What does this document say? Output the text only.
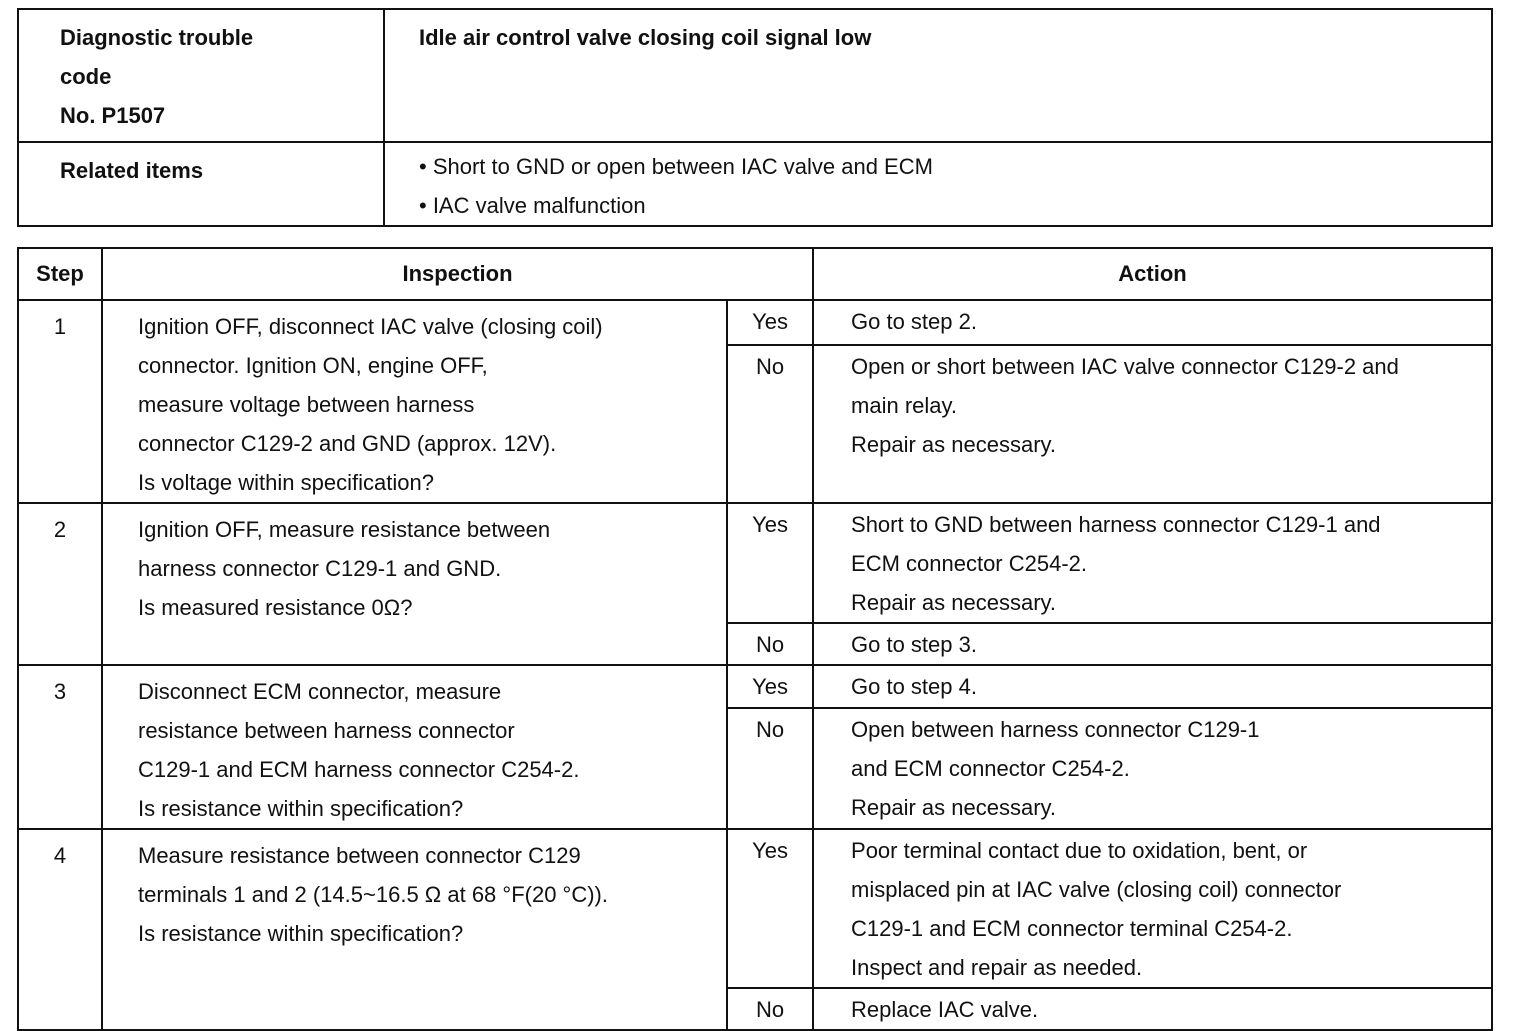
Diagnostic trouble
code
No. P1507	Idle air control valve closing coil signal low
Related items	• Short to GND or open between IAC valve and ECM
• IAC valve malfunction
Step	Inspection		Action
1	Ignition OFF, disconnect IAC valve (closing coil)
connector. Ignition ON, engine OFF,
measure voltage between harness
connector C129-2 and GND (approx. 12V).
Is voltage within specification?	Yes	Go to step 2.

		No	Open or short between IAC valve connector C129-2 and
main relay.
Repair as necessary.

2	Ignition OFF, measure resistance between
harness connector C129-1 and GND.
Is measured resistance 0Ω?	Yes	Short to GND between harness connector C129-1 and
ECM connector C254-2.
Repair as necessary.

		No	Go to step 3.

3	Disconnect ECM connector, measure
resistance between harness connector
C129-1 and ECM harness connector C254-2.
Is resistance within specification?	Yes	Go to step 4.

		No	Open between harness connector C129-1
and ECM connector C254-2.
Repair as necessary.

4	Measure resistance between connector C129
terminals 1 and 2 (14.5~16.5 Ω at 68 °F(20 °C)).
Is resistance within specification?	Yes	Poor terminal contact due to oxidation, bent, or
misplaced pin at IAC valve (closing coil) connector
C129-1 and ECM connector terminal C254-2.
Inspect and repair as needed.

		No	Replace IAC valve.
